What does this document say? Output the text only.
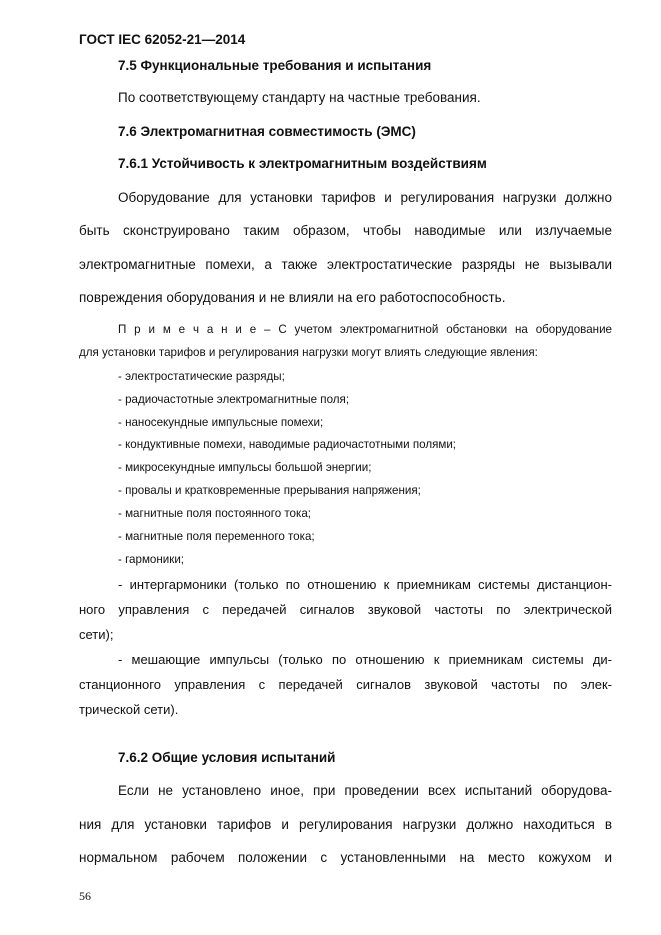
ГОСТ IEC 62052-21—2014
7.5 Функциональные требования и испытания
По соответствующему стандарту на частные требования.
7.6 Электромагнитная совместимость (ЭМС)
7.6.1 Устойчивость к электромагнитным воздействиям
Оборудование для установки тарифов и регулирования нагрузки должно
быть сконструировано таким образом, чтобы наводимые или излучаемые
электромагнитные помехи, а также электростатические разряды не вызывали
повреждения оборудования и не влияли на его работоспособность.
П р и м е ч а н и е – С учетом электромагнитной обстановки на оборудование
для установки тарифов и регулирования нагрузки могут влиять следующие явления:
- электростатические разряды;
- радиочастотные электромагнитные поля;
- наносекундные импульсные помехи;
- кондуктивные помехи, наводимые радиочастотными полями;
- микросекундные импульсы большой энергии;
- провалы и кратковременные прерывания напряжения;
- магнитные поля постоянного тока;
- магнитные поля переменного тока;
- гармоники;
- интергармоники (только по отношению к приемникам системы дистанцион-
ного управления с передачей сигналов звуковой частоты по электрической
сети);
- мешающие импульсы (только по отношению к приемникам системы ди-
станционного управления с передачей сигналов звуковой частоты по элек-
трической сети).
7.6.2 Общие условия испытаний
Если не установлено иное, при проведении всех испытаний оборудова-
ния для установки тарифов и регулирования нагрузки должно находиться в
нормальном рабочем положении с установленными на место кожухом и
56
